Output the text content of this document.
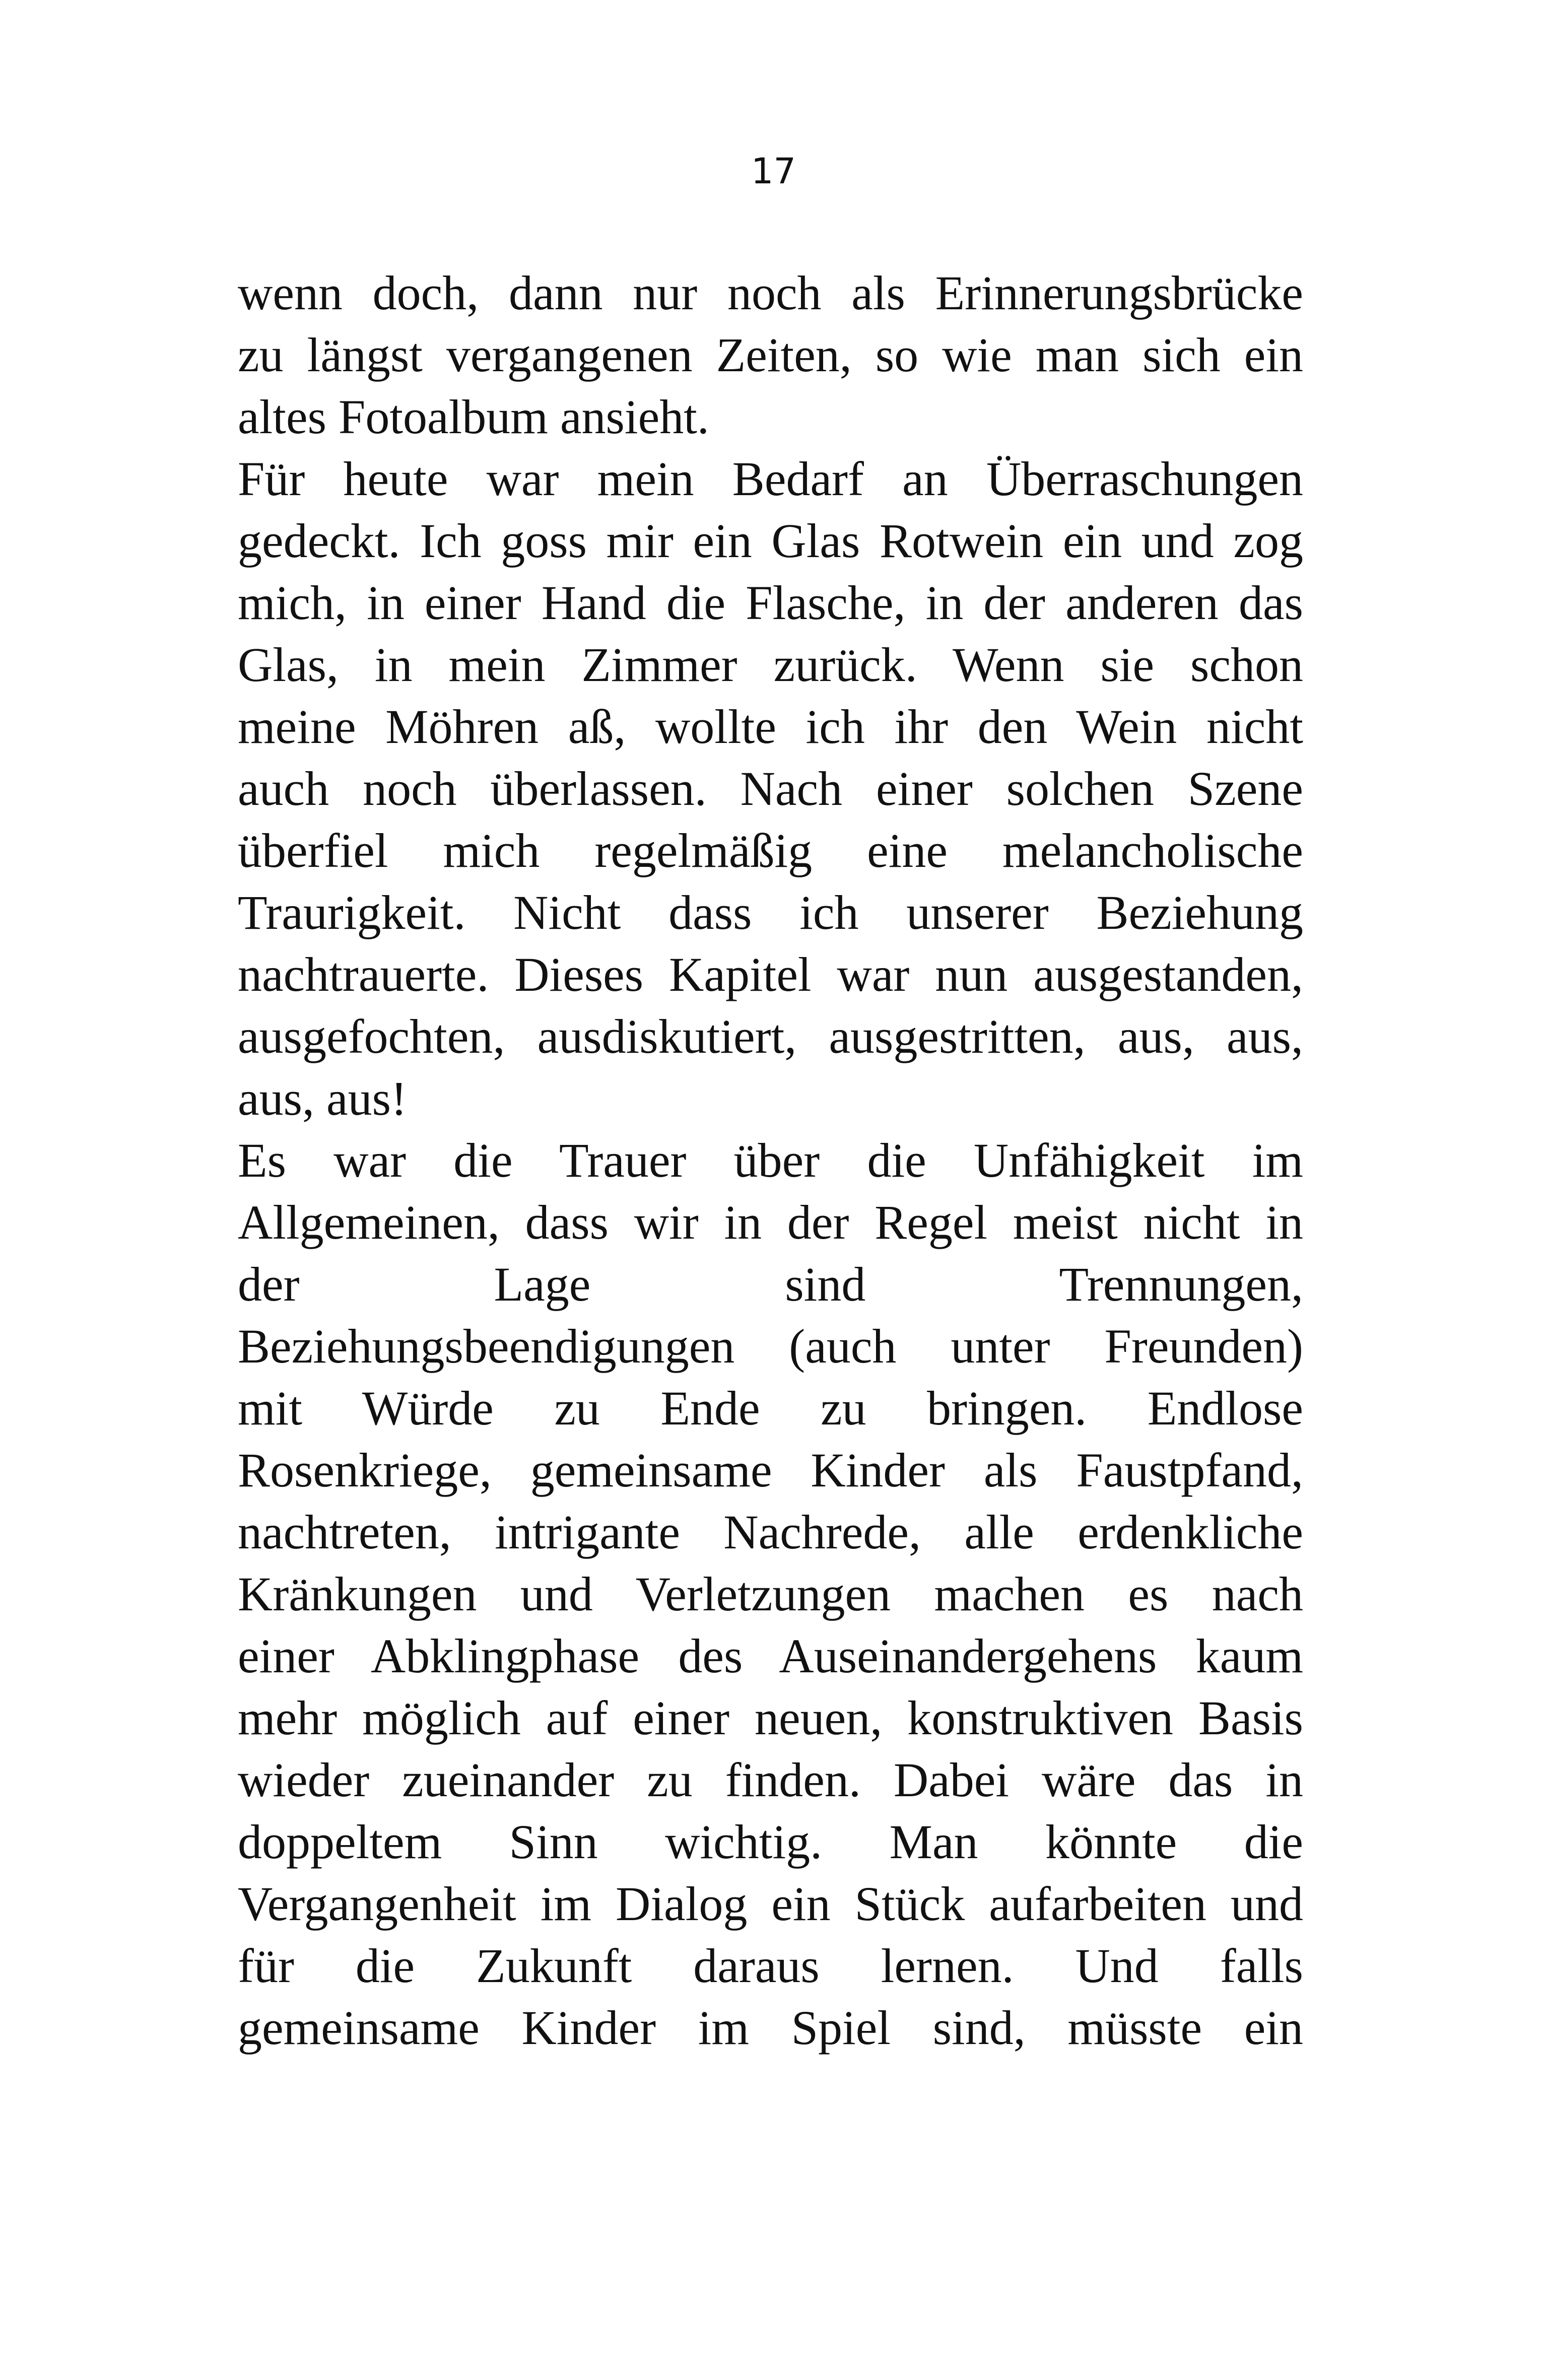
17
wenn doch, dann nur noch als Erinnerungsbrücke
zu längst vergangenen Zeiten, so wie man sich ein
altes Fotoalbum ansieht.
Für heute war mein Bedarf an Überraschungen
gedeckt. Ich goss mir ein Glas Rotwein ein und zog
mich, in einer Hand die Flasche, in der anderen das
Glas, in mein Zimmer zurück. Wenn sie schon
meine Möhren aß, wollte ich ihr den Wein nicht
auch noch überlassen. Nach einer solchen Szene
überfiel mich regelmäßig eine melancholische
Traurigkeit. Nicht dass ich unserer Beziehung
nachtrauerte. Dieses Kapitel war nun ausgestanden,
ausgefochten, ausdiskutiert, ausgestritten, aus, aus,
aus, aus!
Es war die Trauer über die Unfähigkeit im
Allgemeinen, dass wir in der Regel meist nicht in
der Lage sind Trennungen,
Beziehungsbeendigungen (auch unter Freunden)
mit Würde zu Ende zu bringen. Endlose
Rosenkriege, gemeinsame Kinder als Faustpfand,
nachtreten, intrigante Nachrede, alle erdenkliche
Kränkungen und Verletzungen machen es nach
einer Abklingphase des Auseinandergehens kaum
mehr möglich auf einer neuen, konstruktiven Basis
wieder zueinander zu finden. Dabei wäre das in
doppeltem Sinn wichtig. Man könnte die
Vergangenheit im Dialog ein Stück aufarbeiten und
für die Zukunft daraus lernen. Und falls
gemeinsame Kinder im Spiel sind, müsste ein
